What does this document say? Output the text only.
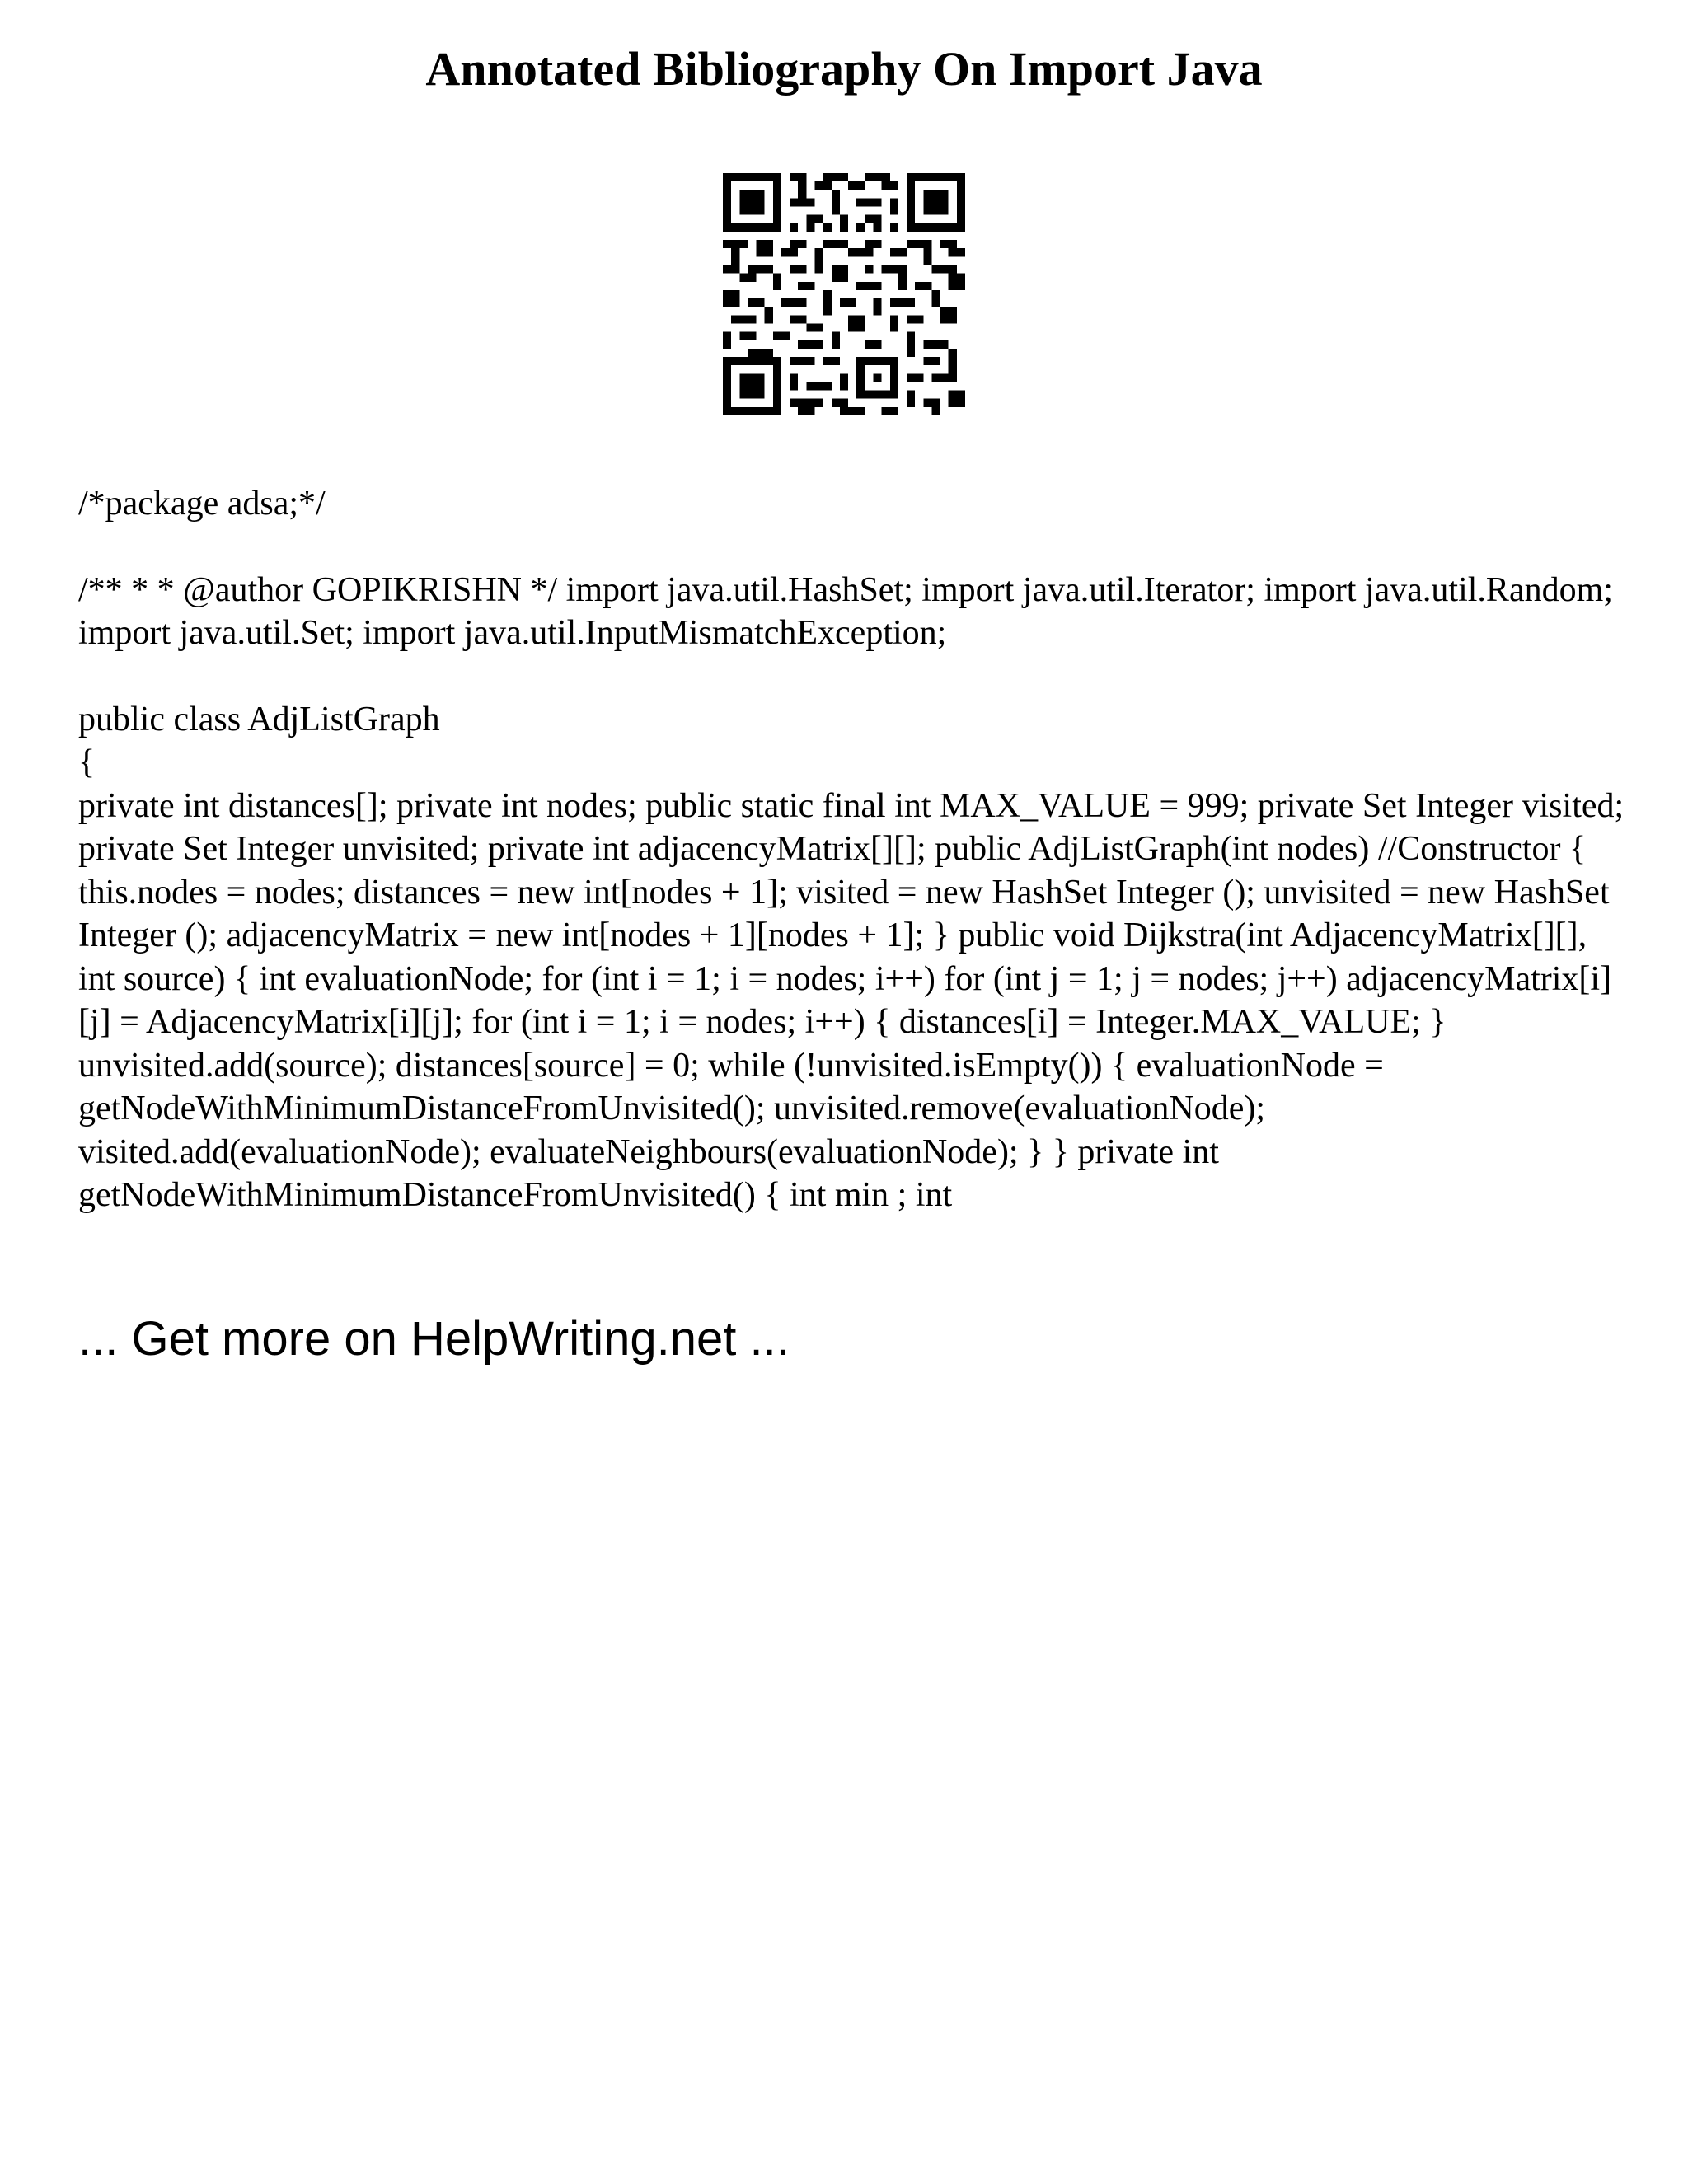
Annotated Bibliography On Import Java

/*package adsa;*/

/** * * @author GOPIKRISHN */ import java.util.HashSet; import java.util.Iterator; import java.util.Random; import java.util.Set; import java.util.InputMismatchException;

public class AdjListGraph

{

private int distances[]; private int nodes; public static final int MAX_VALUE = 999; private Set Integer visited; private Set Integer unvisited; private int adjacencyMatrix[][]; public AdjListGraph(int nodes) //Constructor { this.nodes = nodes; distances = new int[nodes + 1]; visited = new HashSet Integer (); unvisited = new HashSet Integer (); adjacencyMatrix = new int[nodes + 1][nodes + 1]; } public void Dijkstra(int AdjacencyMatrix[][], int source) { int evaluationNode; for (int i = 1; i = nodes; i++) for (int j = 1; j = nodes; j++) adjacencyMatrix[i][j] = AdjacencyMatrix[i][j]; for (int i = 1; i = nodes; i++) { distances[i] = Integer.MAX_VALUE; } unvisited.add(source); distances[source] = 0; while (!unvisited.isEmpty()) { evaluationNode = getNodeWithMinimumDistanceFromUnvisited(); unvisited.remove(evaluationNode); visited.add(evaluationNode); evaluateNeighbours(evaluationNode); } } private int getNodeWithMinimumDistanceFromUnvisited() { int min ; int

... Get more on HelpWriting.net ...
